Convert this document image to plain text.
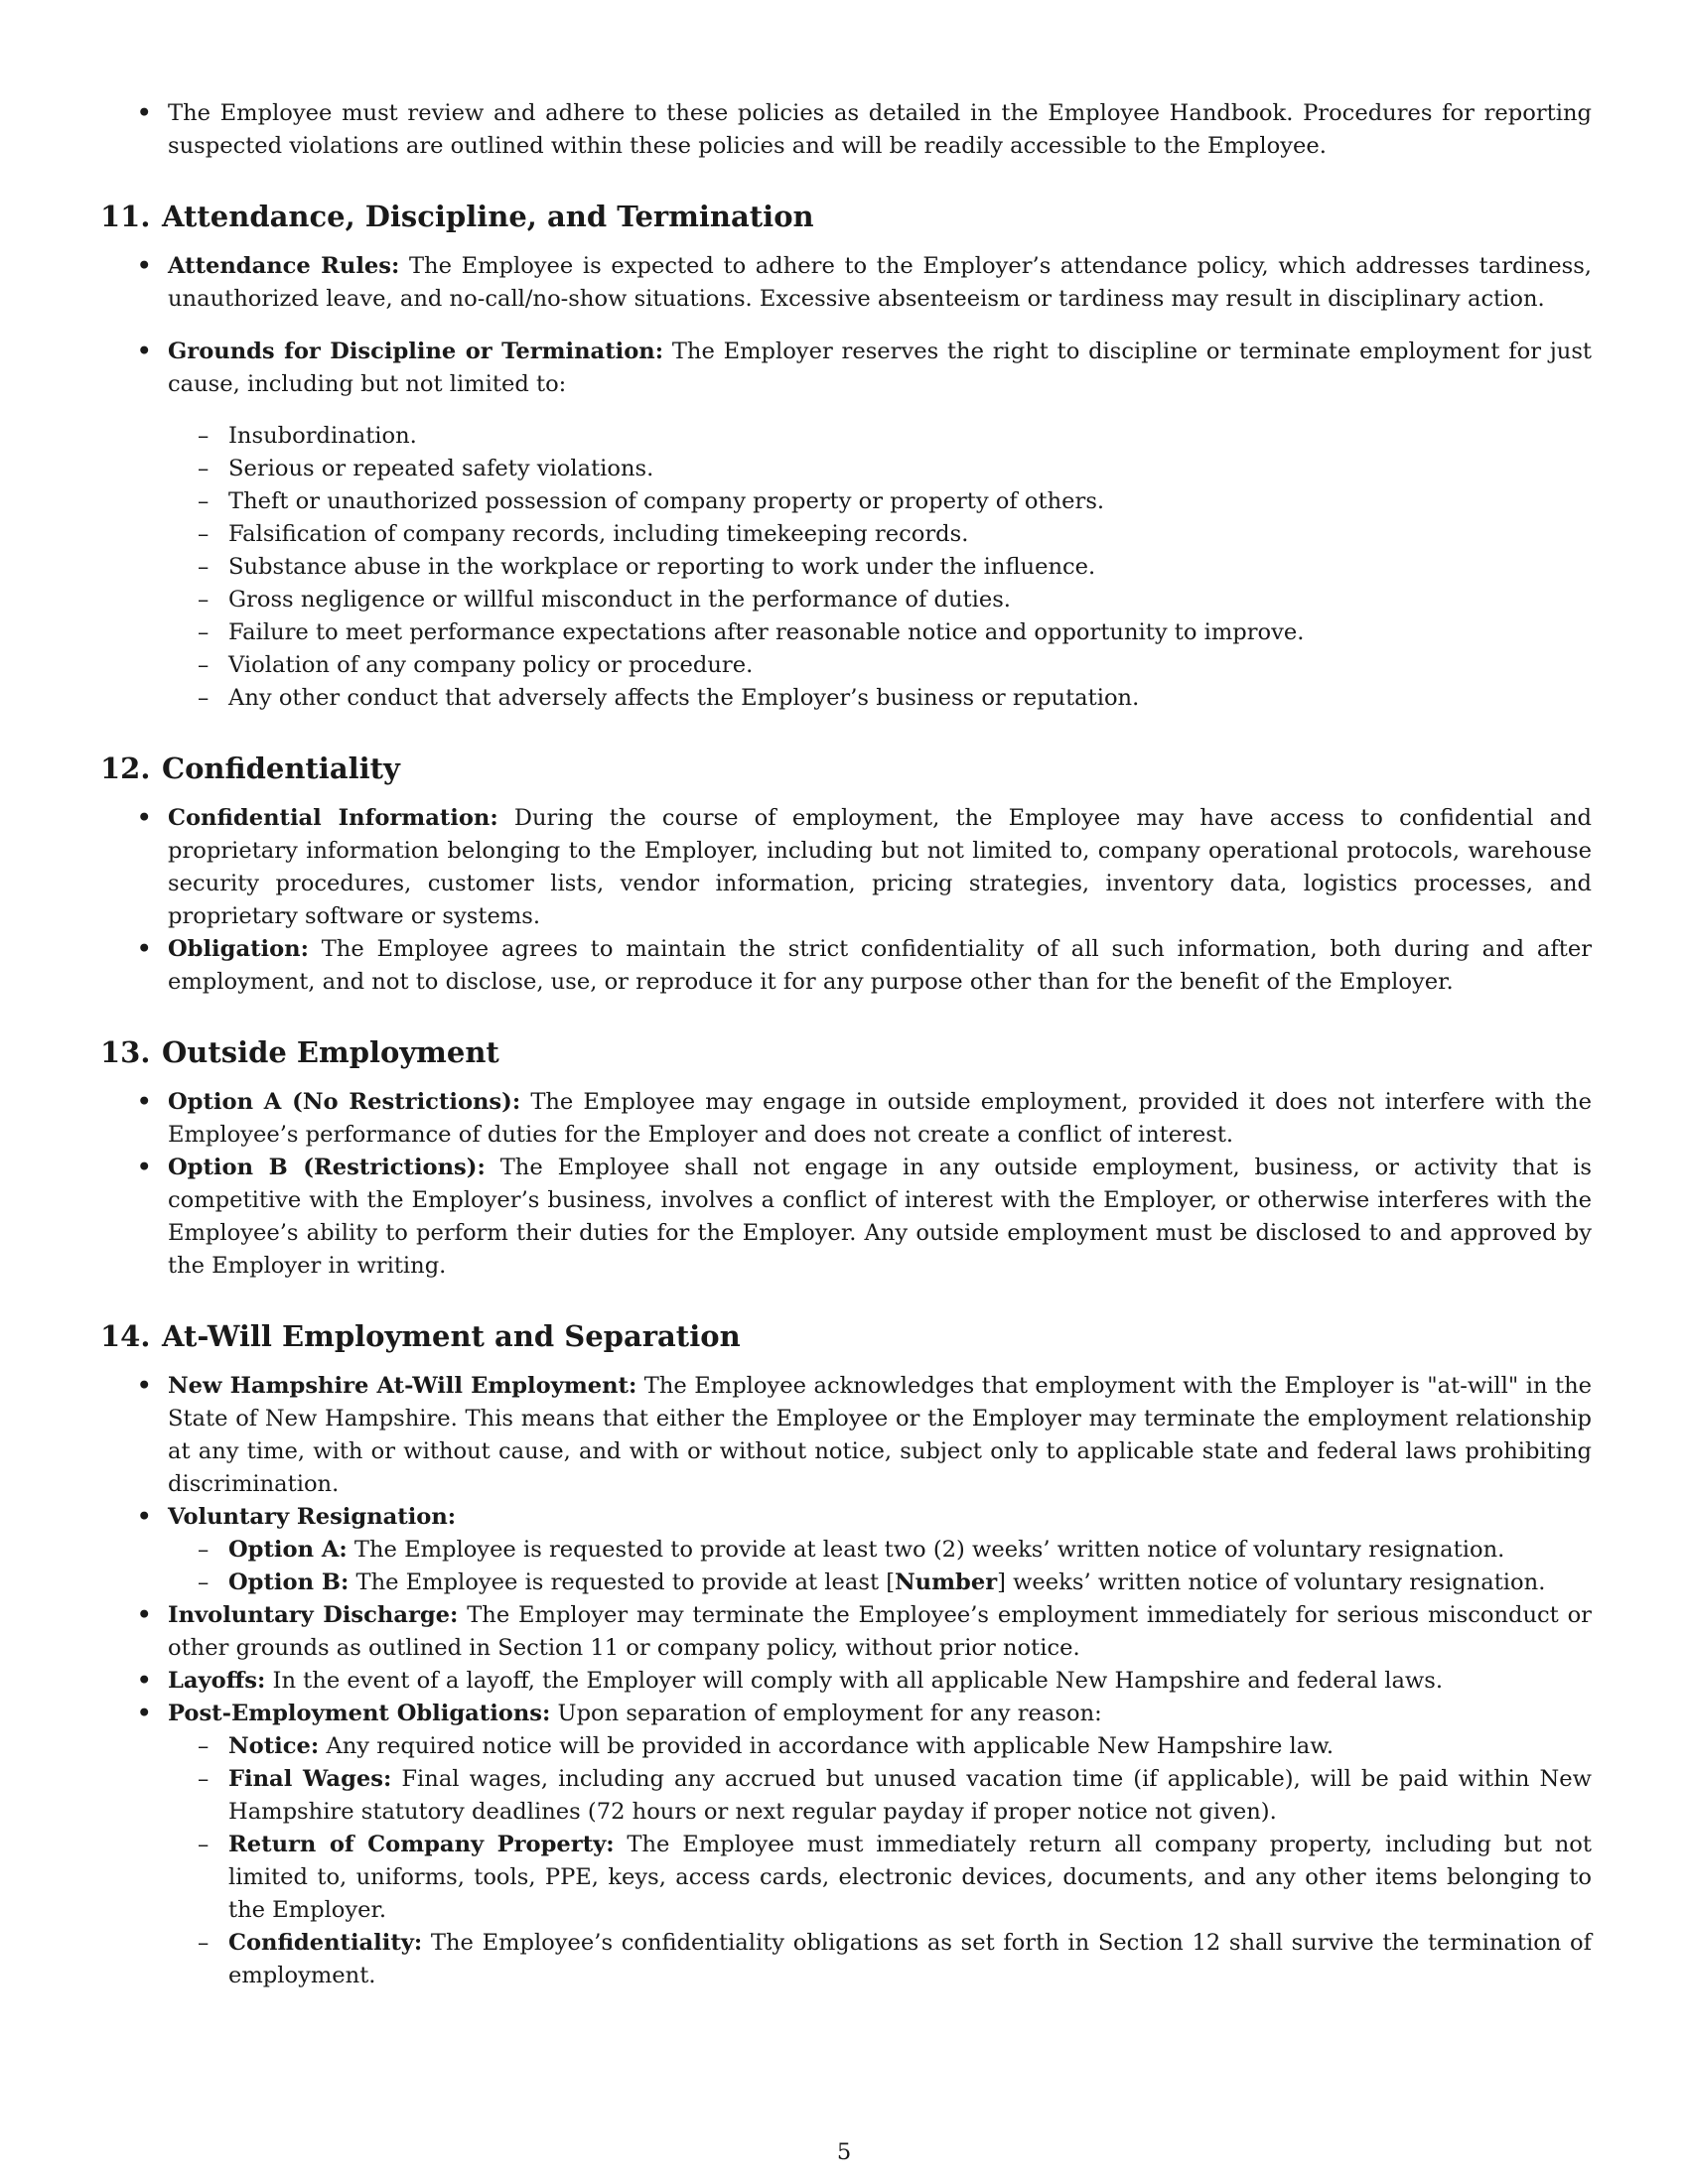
• The Employee must review and adhere to these policies as detailed in the Employee Handbook. Procedures for reporting suspected violations are outlined within these policies and will be readily accessible to the Employee.

11. Attendance, Discipline, and Termination

• Attendance Rules: The Employee is expected to adhere to the Employer’s attendance policy, which addresses tardiness, unauthorized leave, and no-call/no-show situations. Excessive absenteeism or tardiness may result in disciplinary action.

• Grounds for Discipline or Termination: The Employer reserves the right to discipline or terminate employment for just cause, including but not limited to:

– Insubordination.

– Serious or repeated safety violations.

– Theft or unauthorized possession of company property or property of others.

– Falsification of company records, including timekeeping records.

– Substance abuse in the workplace or reporting to work under the influence.

– Gross negligence or willful misconduct in the performance of duties.

– Failure to meet performance expectations after reasonable notice and opportunity to improve.

– Violation of any company policy or procedure.

– Any other conduct that adversely affects the Employer’s business or reputation.

12. Confidentiality

• Confidential Information: During the course of employment, the Employee may have access to confidential and proprietary information belonging to the Employer, including but not limited to, company operational protocols, warehouse security procedures, customer lists, vendor information, pricing strategies, inventory data, logistics processes, and proprietary software or systems.

• Obligation: The Employee agrees to maintain the strict confidentiality of all such information, both during and after employment, and not to disclose, use, or reproduce it for any purpose other than for the benefit of the Employer.

13. Outside Employment

• Option A (No Restrictions): The Employee may engage in outside employment, provided it does not interfere with the Employee’s performance of duties for the Employer and does not create a conflict of interest.

• Option B (Restrictions): The Employee shall not engage in any outside employment, business, or activity that is competitive with the Employer’s business, involves a conflict of interest with the Employer, or otherwise interferes with the Employee’s ability to perform their duties for the Employer. Any outside employment must be disclosed to and approved by the Employer in writing.

14. At-Will Employment and Separation

• New Hampshire At-Will Employment: The Employee acknowledges that employment with the Employer is "at-will" in the State of New Hampshire. This means that either the Employee or the Employer may terminate the employment relationship at any time, with or without cause, and with or without notice, subject only to applicable state and federal laws prohibiting discrimination.

• Voluntary Resignation:

– Option A: The Employee is requested to provide at least two (2) weeks’ written notice of voluntary resignation.

– Option B: The Employee is requested to provide at least [Number] weeks’ written notice of voluntary resignation.

• Involuntary Discharge: The Employer may terminate the Employee’s employment immediately for serious misconduct or other grounds as outlined in Section 11 or company policy, without prior notice.

• Layoffs: In the event of a layoff, the Employer will comply with all applicable New Hampshire and federal laws.

• Post-Employment Obligations: Upon separation of employment for any reason:

– Notice: Any required notice will be provided in accordance with applicable New Hampshire law.

– Final Wages: Final wages, including any accrued but unused vacation time (if applicable), will be paid within New Hampshire statutory deadlines (72 hours or next regular payday if proper notice not given).

– Return of Company Property: The Employee must immediately return all company property, including but not limited to, uniforms, tools, PPE, keys, access cards, electronic devices, documents, and any other items belonging to the Employer.

– Confidentiality: The Employee’s confidentiality obligations as set forth in Section 12 shall survive the termination of employment.

5
